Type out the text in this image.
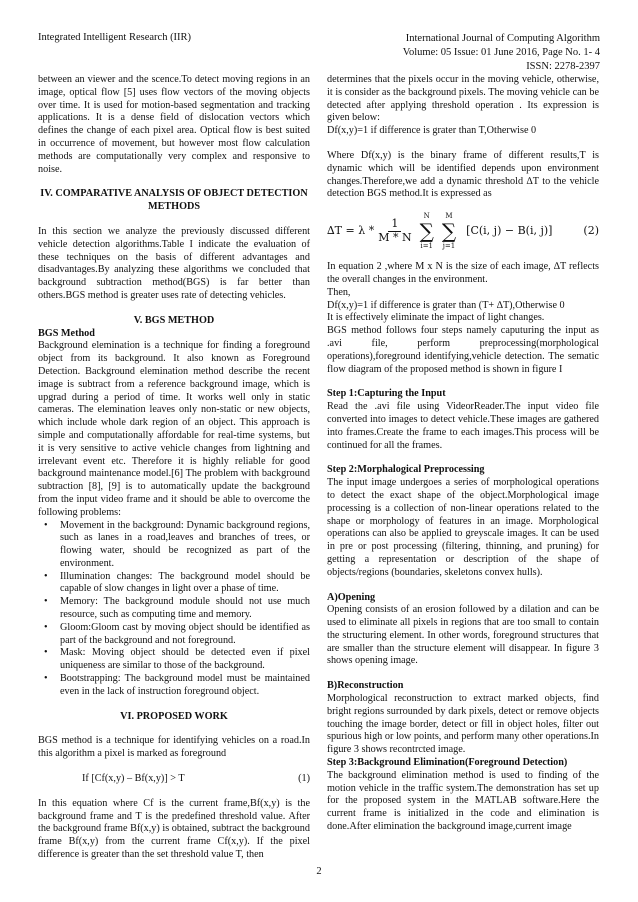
Integrated Intelligent Research (IIR)	International Journal of Computing Algorithm
Volume: 05 Issue: 01 June 2016, Page No. 1- 4
ISSN: 2278-2397

between an viewer and the scence.To detect moving regions in an image, optical flow [5] uses flow vectors of the moving objects over time. It is used for motion-based segmentation and tracking applications. It is a dense field of dislocation vectors which defines the change of each pixel area. Optical flow is best suited in occurrence of movement, but however most flow calculation methods are computationally very complex and responsive to noise.

IV. COMPARATIVE ANALYSIS OF OBJECT DETECTION METHODS

In this section we analyze the previously discussed different vehicle detection algorithms.Table I indicate the evaluation of these techniques on the basis of different advantages and disadvantages.By analyzing these algorithms we concluded that background subtraction method(BGS) is far better than others.BGS method is greater uses rate of detecting vehicles.

V. BGS METHOD

BGS Method

Background elemination is a technique for finding a foreground object from its background. It also known as Foreground Detection. Background elemination method describe the recent image is subtract from a reference background image, which is upgrad during a period of time. It works well only in static cameras. The elemination leaves only non-static or new objects, which include whole dark region of an object. This approach is simple and computationally affordable for real-time systems, but it is very sensitive to active vehicle changes from lightning and irrelevant event etc. Therefore it is highly reliable for good background maintenance model.[6] The problem with background subtraction [8], [9] is to automatically update the background from the input video frame and it should be able to overcome the following problems:

• Movement in the background: Dynamic background regions, such as lanes in a road,leaves and branches of trees, or flowing water, should be recognized as part of the environment.
• Illumination changes: The background model should be capable of slow changes in light over a phase of time.
• Memory: The background module should not use much resource, such as computing time and memory.
• Gloom:Gloom cast by moving object should be identified as part of the background and not foreground.
• Mask: Moving object should be detected even if pixel uniqueness are similar to those of the background.
• Bootstrapping: The background model must be maintained even in the lack of instruction foreground object.

VI. PROPOSED WORK

BGS method is a technique for identifying vehicles on a road.In this algorithm a pixel is marked as foreground

If [Cf(x,y) – Bf(x,y)] > T	(1)

In this equation where Cf is the current frame,Bf(x,y) is the background frame and T is the predefined threshold value. After the background frame Bf(x,y) is obtained, subtract the background frame Bf(x,y) from the current frame Cf(x,y). If the pixel difference is greater than the set threshold value T, then

determines that the pixels occur in the moving vehicle, otherwise, it is consider as the background pixels. The moving vehicle can be detected after applying threshold operation . Its expression is given below:

Df(x,y)=1 if difference is grater than T,Otherwise 0

Where Df(x,y) is the binary frame of different results,T is dynamic which will be identified depends upon environment changes.Therefore,we add a dynamic threshold ∆T to the vehicle detection BGS method.It is expressed as

$\Delta T = \lambda * \frac{1}{M * N}$
N
∑
i=1
M
∑
j=1
[C(i, j) − B(i, j)]	(2)

In equation 2 ,where M x N is the size of each image, ∆T reflects the overall changes in the environment.

Then,

Df(x,y)=1 if difference is grater than (T+ ∆T),Otherwise 0

It is effectively eliminate the impact of light changes.

BGS method follows four steps namely caputuring the input as .avi file, perform preprocessing(morphological operations),foreground identifying,vehicle detection. The sematic flow diagram of the proposed method is shown in figure I

Step 1:Capturing the Input

Read the .avi file using VideorReader.The input video file converted into images to detect vehicle.These images are gathered into frames.Create the frame to each images.This process will be continued for all the frames.

Step 2:Morphalogical Preprocessing

The input image undergoes a series of morphological operations to detect the exact shape of the object.Morphological image processing is a collection of non-linear operations related to the shape or morphology of features in an image. Morphological operations can also be applied to greyscale images. It can be used in pre or post processing (filtering, thinning, and pruning) for getting a representation or description of the shape of objects/regions (boundaries, skeletons convex hulls).

A)Opening

Opening consists of an erosion followed by a dilation and can be used to eliminate all pixels in regions that are too small to contain the structuring element. In other words, foreground structures that are smaller than the structure element will disappear. In figure 3 shows opening image.

B)Reconstruction

Morphological reconstruction to extract marked objects, find bright regions surrounded by dark pixels, detect or remove objects touching the image border, detect or fill in object holes, filter out spurious high or low points, and perform many other operations.In figure 3 shows recontrcted image.

Step 3:Background Elimination(Foreground Detection)

The background elimination method is used to finding of the motion vehicle in the traffic system.The demonstration has set up for the proposed system in the MATLAB software.Here the current frame is initialized in the code and elimination is done.After elimination the background image,current image

2
